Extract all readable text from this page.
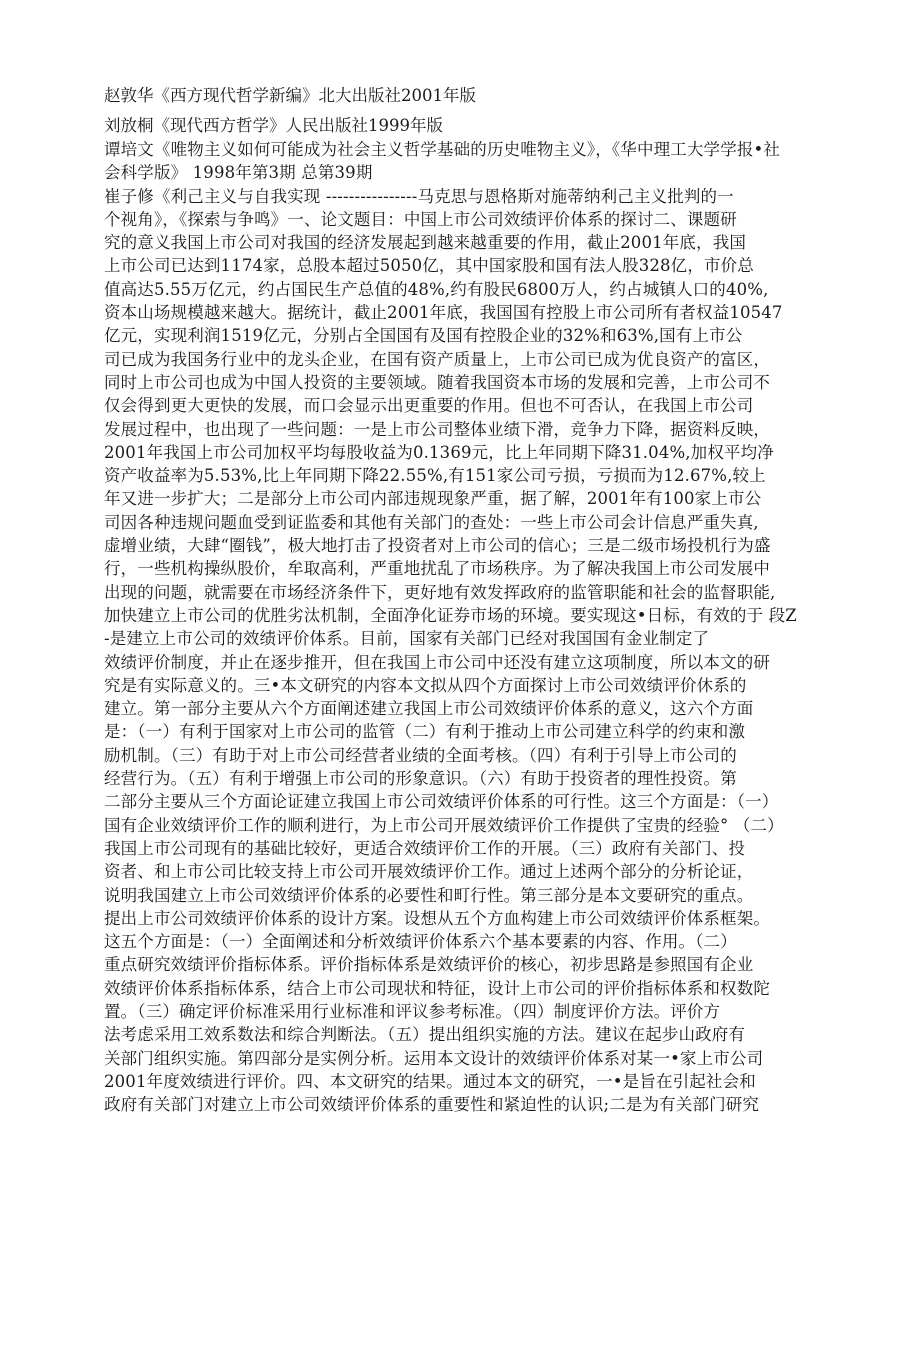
赵敦华《西方现代哲学新编》北大出版社2001年版

刘放桐《现代西方哲学》人民出版社1999年版

谭培文《唯物主义如何可能成为社会主义哲学基础的历史唯物主义》，《华中理工大学学报•社

会科学版》 1998年第3期 总第39期

崔子修《利己主义与自我实现 ----------------马克思与恩格斯对施蒂纳利己主义批判的一

个视角》，《探索与争鸣》一、论文题目：中国上市公司效绩评价体系的探讨二、课题研

究的意义我国上市公司对我国的经济发展起到越来越重要的作用，截止2001年底，我国

上市公司已达到1174家，总股本超过5050亿，其中国家股和国有法人股328亿，市价总

值高达5.55万亿元，约占国民生产总值的48%,约有股民6800万人，约占城镇人口的40%,

资本山场规模越来越大。据统计，截止2001年底，我国国有控股上市公司所有者权益10547

亿元，实现利润1519亿元，分别占全国国有及国有控股企业的32%和63%,国有上市公

司已成为我国务行业中的龙头企业，在国有资产质量上，上市公司已成为优良资产的富区，

同时上市公司也成为中国人投资的主要领域。随着我国资本市场的发展和完善，上市公司不

仅会得到更大更快的发展，而口会显示出更重要的作用。但也不可否认，在我国上市公司

发展过程中，也出现了一些问题：一是上市公司整体业绩下滑，竞争力下降，据资料反映，

2001年我国上市公司加权平均每股收益为0.1369元，比上年同期下降31.04%,加权平均净

资产收益率为5.53%,比上年同期下降22.55%,有151家公司亏损，亏损而为12.67%,较上

年又进一步扩大；二是部分上市公司内部违规现象严重，据了解，2001年有100家上市公

司因各种违规问题血受到证监委和其他有关部门的查处：一些上市公司会计信息严重失真,

虚增业绩，大肆“圈钱”，极大地打击了投资者对上市公司的信心；三是二级市场投机行为盛

行，一些机构操纵股价，牟取高利，严重地扰乱了市场秩序。为了解决我国上市公司发展中

出现的问题，就需要在市场经济条件下，更好地有效发挥政府的监管职能和社会的监督职能,

加快建立上市公司的优胜劣汰机制，全面净化证券市场的环境。要实现这•日标，有效的于 段Z

-是建立上市公司的效绩评价体系。目前，国家有关部门已经对我国国有金业制定了

效绩评价制度，并止在逐步推开，但在我国上市公司中还没有建立这项制度，所以本文的研

究是有实际意义的。三•本文研究的内容本文拟从四个方面探讨上市公司效绩评价休系的

建立。第一部分主要从六个方面阐述建立我国上市公司效绩评价体系的意义，这六个方面

是：（一）有利于国家对上市公司的监管（二）有利于推动上市公司建立科学的约束和激

励机制。（三）有助于对上市公司经营者业绩的全面考核。（四）有利于引导上市公司的

经营行为。（五）有利于增强上市公司的形象意识。（六）有助于投资者的理性投资。第

二部分主要从三个方面论证建立我国上市公司效绩评价体系的可行性。这三个方面是：（一）

国有企业效绩评价工作的顺利进行，为上市公司开展效绩评价工作提供了宝贵的经验° （二）

我国上市公司现有的基础比较好，更适合效绩评价工作的开展。（三）政府有关部门、投

资者、和上市公司比较支持上市公司开展效绩评价工作。通过上述两个部分的分析论证，

说明我国建立上市公司效绩评价体系的必要性和町行性。第三部分是本文要研究的重点。

提出上市公司效绩评价体系的设计方案。设想从五个方血构建上市公司效绩评价体系框架。

这五个方面是：（一）全面阐述和分析效绩评价体系六个基本要素的内容、作用。（二）

重点研究效绩评价指标体系。评价指标体系是效绩评价的核心，初步思路是参照国有企业

效绩评价体系指标体系，结合上市公司现状和特征，设计上市公司的评价指标体系和权数陀

置。（三）确定评价标准采用行业标准和评议参考标准。（四）制度评价方法。评价方

法考虑采用工效系数法和综合判断法。（五）提出组织实施的方法。建议在起步山政府有

关部门组织实施。第四部分是实例分析。运用本文设计的效绩评价体系对某一•家上市公司

2001年度效绩进行评价。四、本文研究的结果。通过本文的研究，一•是旨在引起社会和

政府有关部门对建立上市公司效绩评价体系的重要性和紧迫性的认识;二是为有关部门研究
